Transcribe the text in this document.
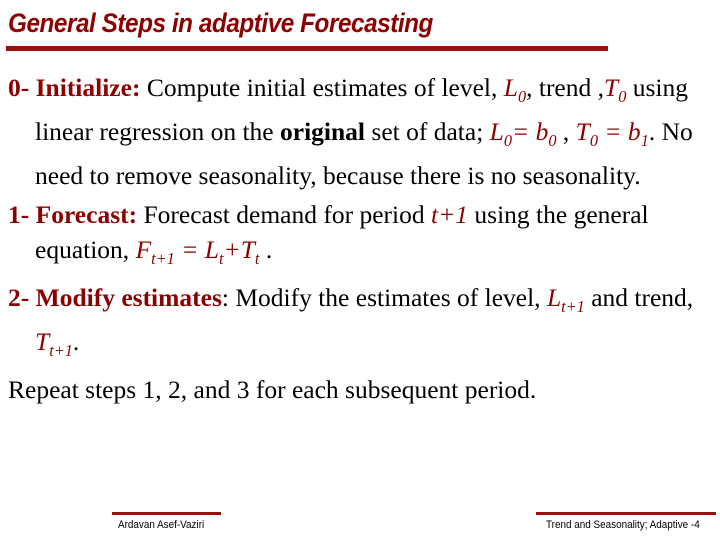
General Steps in adaptive Forecasting

0- Initialize: Compute initial estimates of level, $L_0$, trend $,T_0$ using linear regression on the original set of data; $L_0= b_0$ , $T_0 = b_1$. No need to remove seasonality, because there is no seasonality.

1- Forecast: Forecast demand for period t+1 using the general equation, $F_{t+1} = L_t+T_t$ .

2- Modify estimates: Modify the estimates of level, $L_{t+1}$ and trend, $T_{t+1}$.

Repeat steps 1, 2, and 3 for each subsequent period.

Ardavan Asef-Vaziri	Trend and Seasonality; Adaptive -4
